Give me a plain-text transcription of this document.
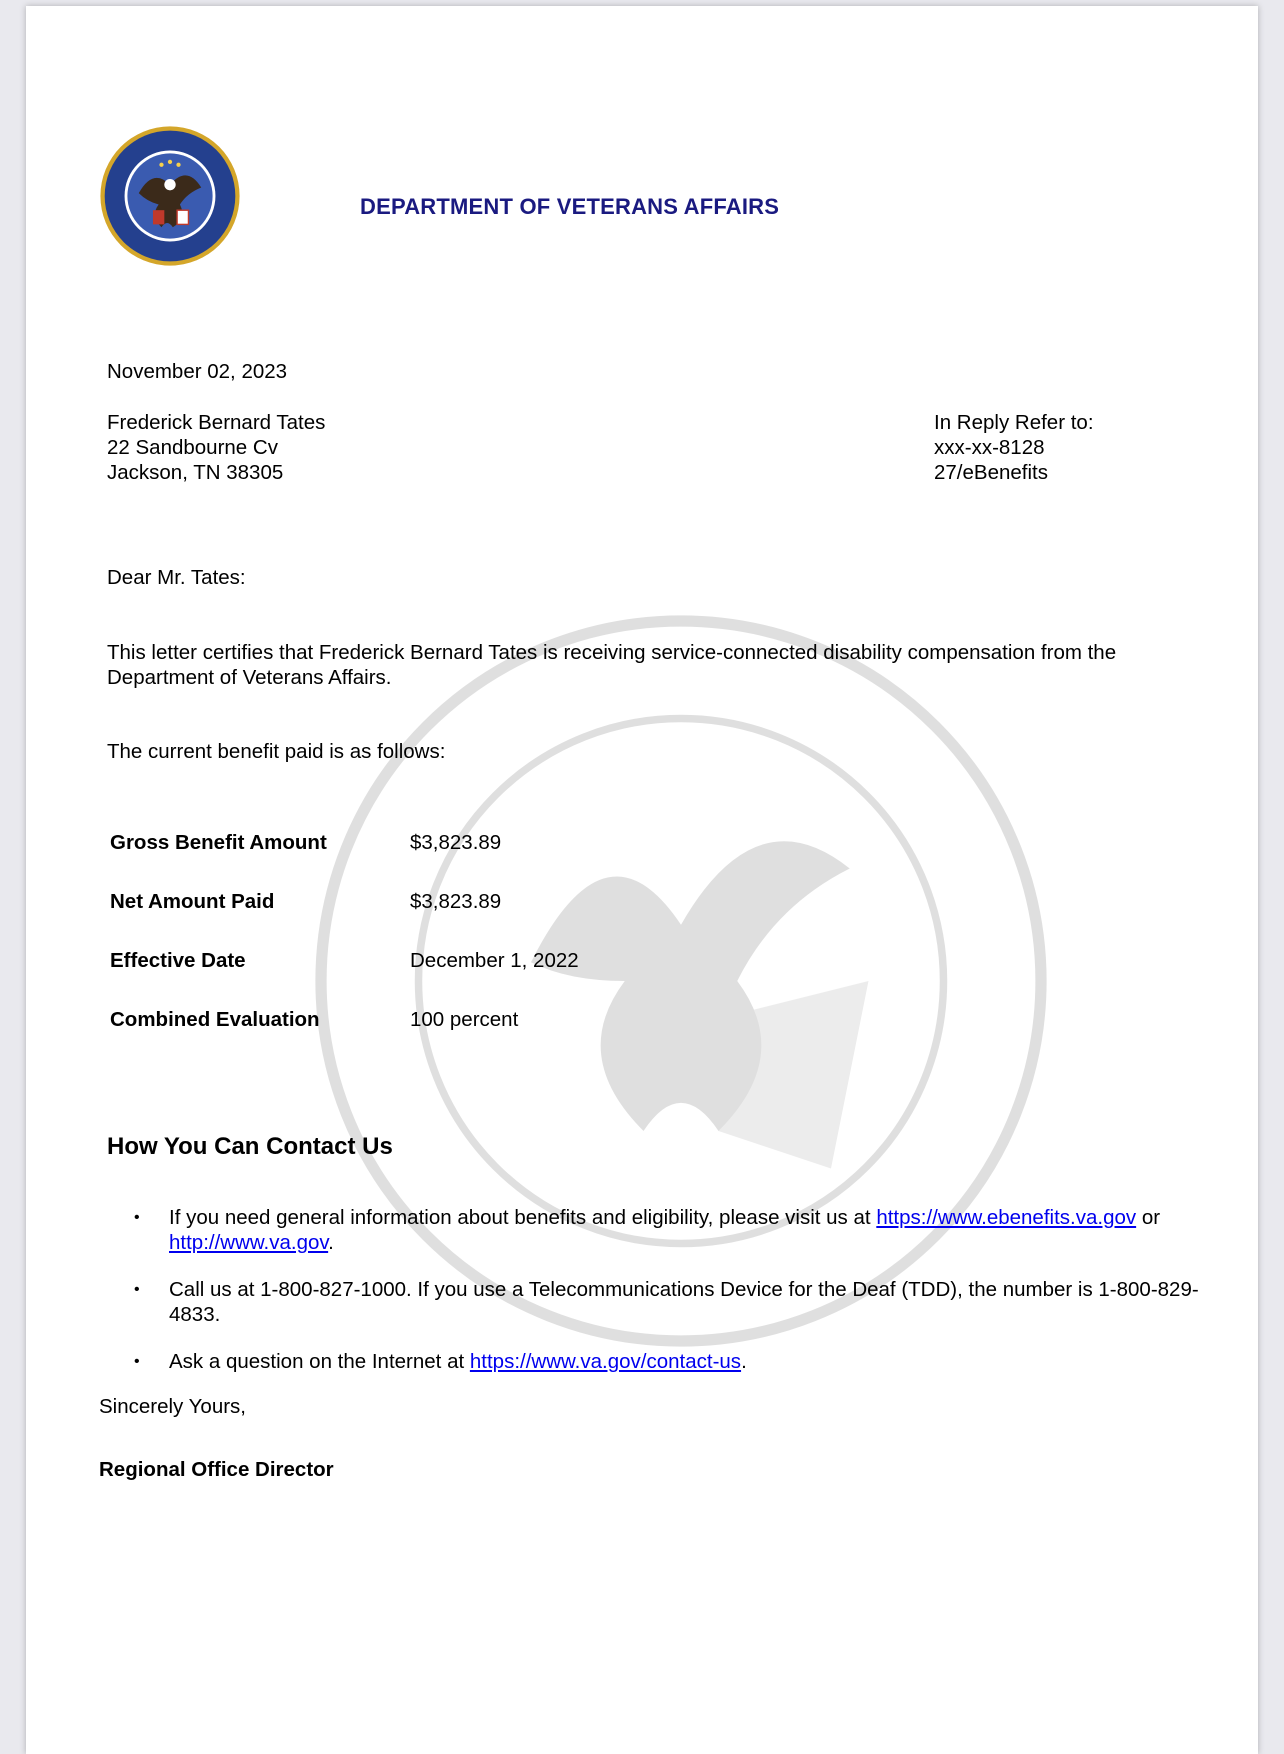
DEPARTMENT OF VETERANS AFFAIRS
November 02, 2023
Frederick Bernard Tates
22 Sandbourne Cv
Jackson, TN 38305
In Reply Refer to:
xxx-xx-8128
27/eBenefits
Dear Mr. Tates:
This letter certifies that Frederick Bernard Tates is receiving service-connected disability compensation from the Department of Veterans Affairs.
The current benefit paid is as follows:
Gross Benefit Amount	$3,823.89
Net Amount Paid	$3,823.89
Effective Date	December 1, 2022
Combined Evaluation	100 percent
How You Can Contact Us
• If you need general information about benefits and eligibility, please visit us at https://www.ebenefits.va.gov or http://www.va.gov.
• Call us at 1-800-827-1000. If you use a Telecommunications Device for the Deaf (TDD), the number is 1-800-829-4833.
• Ask a question on the Internet at https://www.va.gov/contact-us.
Sincerely Yours,
Regional Office Director
